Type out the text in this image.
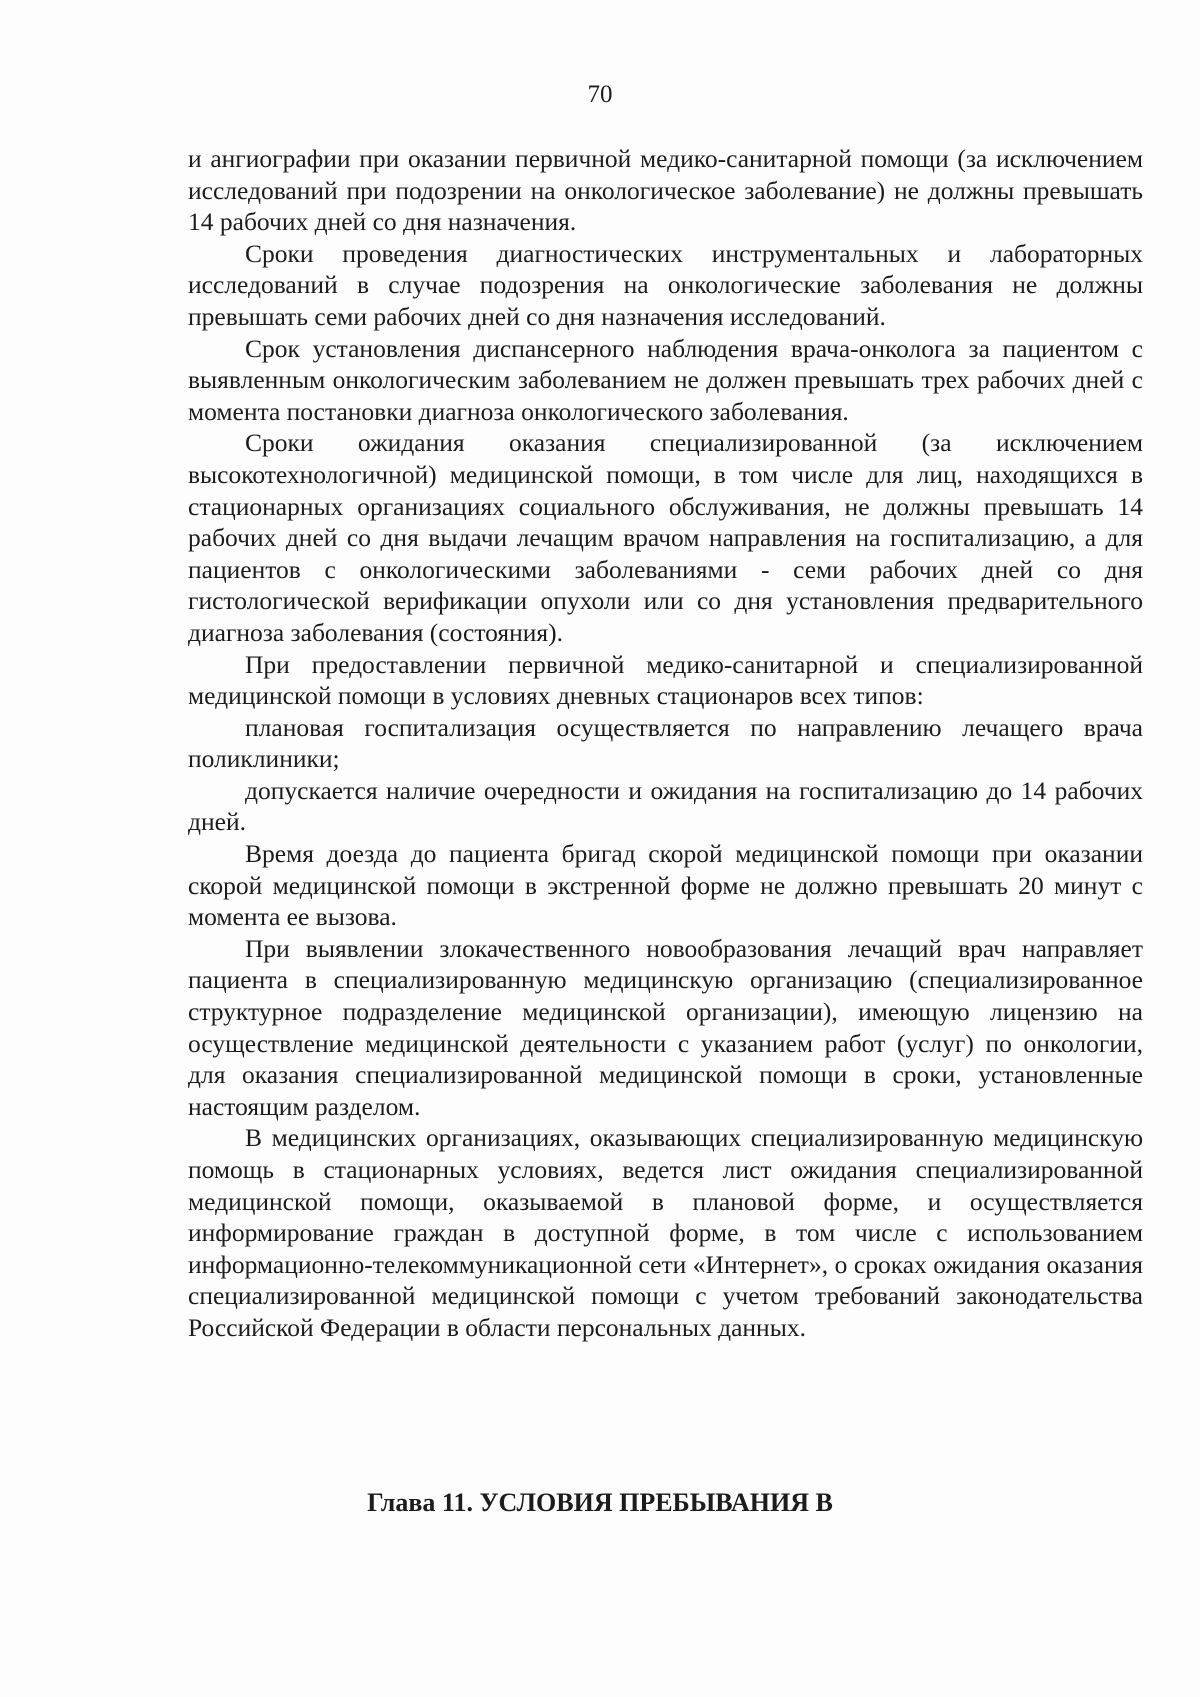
70

и ангиографии при оказании первичной медико-санитарной помощи (за исключением исследований при подозрении на онкологическое заболевание) не должны превышать 14 рабочих дней со дня назначения.

Сроки проведения диагностических инструментальных и лабораторных исследований в случае подозрения на онкологические заболевания не должны превышать семи рабочих дней со дня назначения исследований.

Срок установления диспансерного наблюдения врача-онколога за пациентом с выявленным онкологическим заболеванием не должен превышать трех рабочих дней с момента постановки диагноза онкологического заболевания.

Сроки ожидания оказания специализированной (за исключением высокотехнологичной) медицинской помощи, в том числе для лиц, находящихся в стационарных организациях социального обслуживания, не должны превышать 14 рабочих дней со дня выдачи лечащим врачом направления на госпитализацию, а для пациентов с онкологическими заболеваниями - семи рабочих дней со дня гистологической верификации опухоли или со дня установления предварительного диагноза заболевания (состояния).

При предоставлении первичной медико-санитарной и специализированной медицинской помощи в условиях дневных стационаров всех типов:

плановая госпитализация осуществляется по направлению лечащего врача поликлиники;

допускается наличие очередности и ожидания на госпитализацию до 14 рабочих дней.

Время доезда до пациента бригад скорой медицинской помощи при оказании скорой медицинской помощи в экстренной форме не должно превышать 20 минут с момента ее вызова.

При выявлении злокачественного новообразования лечащий врач направляет пациента в специализированную медицинскую организацию (специализированное структурное подразделение медицинской организации), имеющую лицензию на осуществление медицинской деятельности с указанием работ (услуг) по онкологии, для оказания специализированной медицинской помощи в сроки, установленные настоящим разделом.

В медицинских организациях, оказывающих специализированную медицинскую помощь в стационарных условиях, ведется лист ожидания специализированной медицинской помощи, оказываемой в плановой форме, и осуществляется информирование граждан в доступной форме, в том числе с использованием информационно-телекоммуникационной сети «Интернет», о сроках ожидания оказания специализированной медицинской помощи с учетом требований законодательства Российской Федерации в области персональных данных.

Глава 11. УСЛОВИЯ ПРЕБЫВАНИЯ В
